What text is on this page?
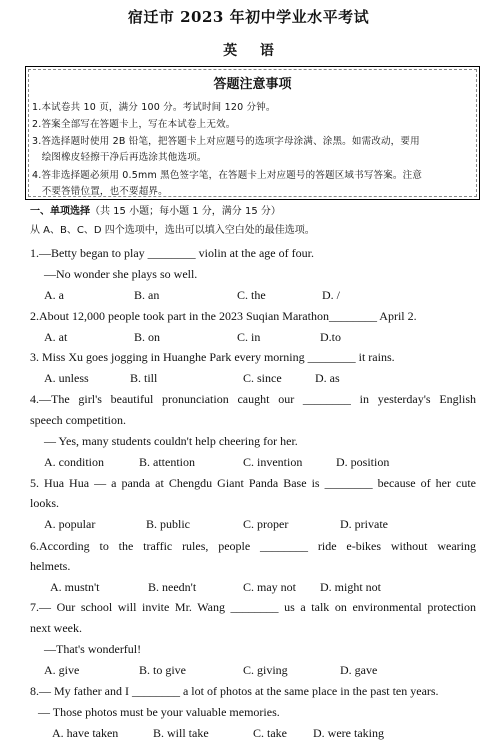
宿迁市 2023 年初中学业水平考试
英 语
答题注意事项
1.本试卷共 10 页，满分 100 分。考试时间 120 分钟。
2.答案全部写在答题卡上，写在本试卷上无效。
3.答选择题时使用 2B 铅笔，把答题卡上对应题号的选项字母涂满、涂黑。如需改动，要用
　绘图橡皮轻擦干净后再选涂其他选项。
4.答非选择题必须用 0.5mm 黑色签字笔，在答题卡上对应题号的答题区域书写答案。注意
　不要答错位置，也不要超界。
一、单项选择（共 15 小题；每小题 1 分，满分 15 分）
从 A、B、C、D 四个选项中，选出可以填入空白处的最佳选项。
1.—Betty began to play ________ violin at the age of four.
—No wonder she plays so well.
A. a	B. an	C. the	D. /
2.About 12,000 people took part in the 2023 Suqian Marathon________ April 2.
A. at	B. on	C. in	D.to
3. Miss Xu goes jogging in Huanghe Park every morning ________ it rains.
A. unless	B. till	C. since	D. as
4.—The girl's beautiful pronunciation caught our ________ in yesterday's English
speech competition.
— Yes, many students couldn't help cheering for her.
A. condition	B. attention	C. invention	D. position
5. Hua Hua — a panda at Chengdu Giant Panda Base is ________ because of her cute
looks.
A. popular	B. public	C. proper	D. private
6.According to the traffic rules, people ________ ride e-bikes without wearing
helmets.
A. mustn't	B. needn't	C. may not D. might not
7.— Our school will invite Mr. Wang ________ us a talk on environmental protection
next week.
—That's wonderful!
A. give	B. to give	C. giving	D. gave
8.— My father and I ________ a lot of photos at the same place in the past ten years.
— Those photos must be your valuable memories.
A. have taken	B. will take	C. take D. were taking
